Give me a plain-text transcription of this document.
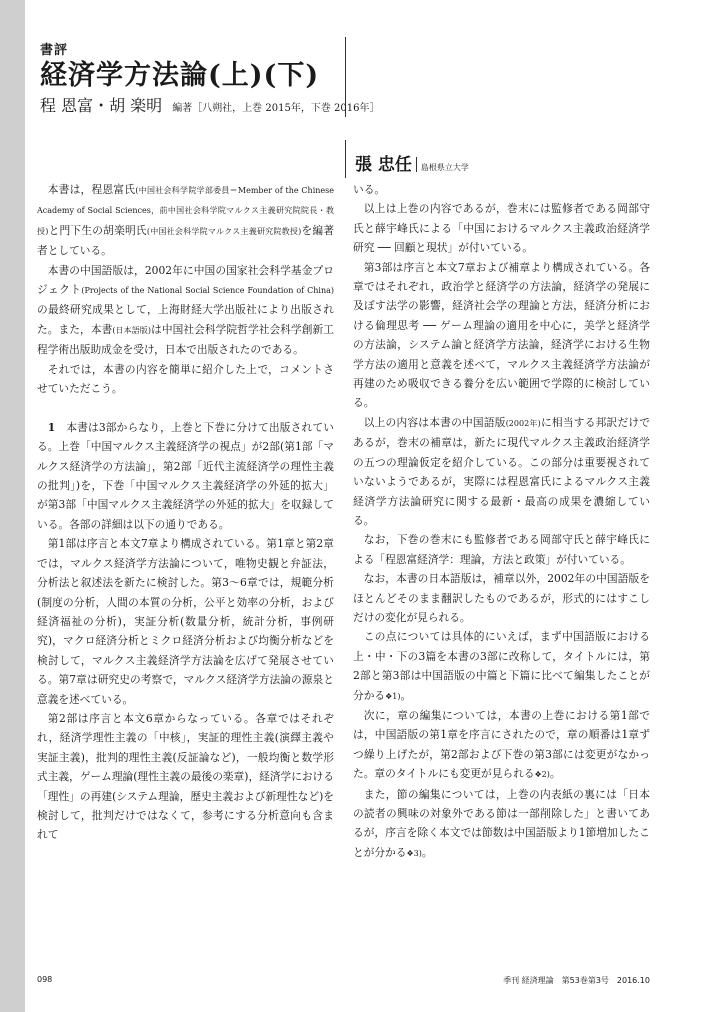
書評
経済学方法論(上)(下)
程 恩富・胡 楽明 編著［八朔社，上巻 2015年，下巻 2016年］
張 忠任 島根県立大学

本書は，程恩富氏(中国社会科学院学部委員＝Member of the Chinese Academy of Social Sciences，前中国社会科学院マルクス主義研究院院長・教授)と門下生の胡楽明氏(中国社会科学院マルクス主義研究院教授)を編著者としている。

本書の中国語版は，2002年に中国の国家社会科学基金プロジェクト(Projects of the National Social Science Foundation of China)の最終研究成果として，上海財経大学出版社により出版された。また，本書(日本語版)は中国社会科学院哲学社会科学創新工程学術出版助成金を受け，日本で出版されたのである。

それでは，本書の内容を簡単に紹介した上で，コメントさせていただこう。

1　本書は3部からなり，上巻と下巻に分けて出版されている。上巻「中国マルクス主義経済学の視点」が2部(第1部「マルクス経済学の方法論」，第2部「近代主流経済学の理性主義の批判」)を，下巻「中国マルクス主義経済学の外延的拡大」が第3部「中国マルクス主義経済学の外延的拡大」を収録している。各部の詳細は以下の通りである。

第1部は序言と本文7章より構成されている。第1章と第2章では，マルクス経済学方法論について，唯物史観と弁証法，分析法と叙述法を新たに検討した。第3〜6章では，規範分析(制度の分析，人間の本質の分析，公平と効率の分析，および経済福祉の分析)，実証分析(数量分析，統計分析，事例研究)，マクロ経済分析とミクロ経済分析および均衡分析などを検討して，マルクス主義経済学方法論を広げて発展させている。第7章は研究史の考察で，マルクス経済学方法論の源泉と意義を述べている。

第2部は序言と本文6章からなっている。各章ではそれぞれ，経済学理性主義の「中核」，実証的理性主義(演繹主義や実証主義)，批判的理性主義(反証論など)，一般均衡と数学形式主義，ゲーム理論(理性主義の最後の楽章)，経済学における「理性」の再建(システム理論，歴史主義および新理性など)を検討して，批判だけではなくて，参考にする分析意向も含まれて

いる。

以上は上巻の内容であるが，巻末には監修者である岡部守氏と薛宇峰氏による「中国におけるマルクス主義政治経済学研究 ── 回顧と現状」が付いている。

第3部は序言と本文7章および補章より構成されている。各章ではそれぞれ，政治学と経済学の方法論，経済学の発展に及ぼす法学の影響，経済社会学の理論と方法，経済分析における倫理思考 ── ゲーム理論の適用を中心に，美学と経済学の方法論，システム論と経済学方法論，経済学における生物学方法の適用と意義を述べて，マルクス主義経済学方法論が再建のため吸収できる養分を広い範囲で学際的に検討している。

以上の内容は本書の中国語版(2002年)に相当する邦訳だけであるが，巻末の補章は，新たに現代マルクス主義政治経済学の五つの理論仮定を紹介している。この部分は重要視されていないようであるが，実際には程恩富氏によるマルクス主義経済学方法論研究に関する最新・最高の成果を濃縮している。

なお，下巻の巻末にも監修者である岡部守氏と薛宇峰氏による「程恩富経済学：理論，方法と政策」が付いている。

なお，本書の日本語版は，補章以外，2002年の中国語版をほとんどそのまま翻訳したものであるが，形式的にはすこしだけの変化が見られる。

この点については具体的にいえば，まず中国語版における上・中・下の3篇を本書の3部に改称して，タイトルには，第2部と第3部は中国語版の中篇と下篇に比べて編集したことが分かる❖1)。

次に，章の編集については，本書の上巻における第1部では，中国語版の第1章を序言にされたので，章の順番は1章ずつ繰り上げたが，第2部および下巻の第3部には変更がなかった。章のタイトルにも変更が見られる❖2)。

また，節の編集については，上巻の内表紙の裏には「日本の読者の興味の対象外である節は一部削除した」と書いてあるが，序言を除く本文では節数は中国語版より1節増加したことが分かる❖3)。

098	季刊 経済理論　第53巻第3号　2016.10
